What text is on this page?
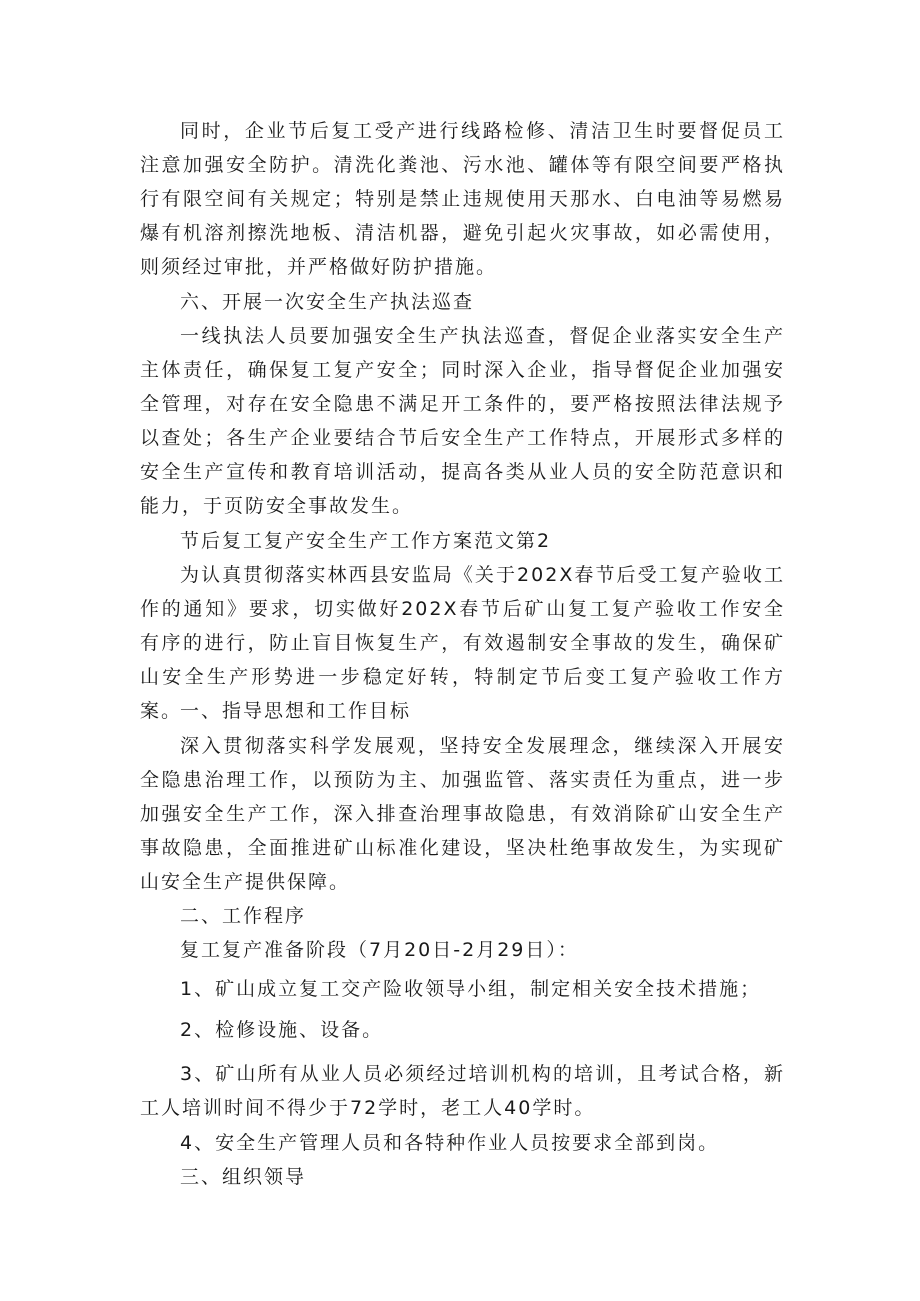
同时，企业节后复工受产进行线路检修、清洁卫生时要督促员工注意加强安全防护。清洗化粪池、污水池、罐体等有限空间要严格执行有限空间有关规定；特别是禁止违规使用天那水、白电油等易燃易爆有机溶剂擦洗地板、清洁机器，避免引起火灾事故，如必需使用，则须经过审批，并严格做好防护措施。

六、开展一次安全生产执法巡查

一线执法人员要加强安全生产执法巡查，督促企业落实安全生产主体责任，确保复工复产安全；同时深入企业，指导督促企业加强安全管理，对存在安全隐患不满足开工条件的，要严格按照法律法规予以查处；各生产企业要结合节后安全生产工作特点，开展形式多样的安全生产宣传和教育培训活动，提高各类从业人员的安全防范意识和能力，于页防安全事故发生。

节后复工复产安全生产工作方案范文第2

为认真贯彻落实林西县安监局《关于202X春节后受工复产验收工作的通知》要求，切实做好202X春节后矿山复工复产验收工作安全有序的进行，防止盲目恢复生产，有效遏制安全事故的发生，确保矿山安全生产形势进一步稳定好转，特制定节后变工复产验收工作方案。

一、指导思想和工作目标

深入贯彻落实科学发展观，坚持安全发展理念，继续深入开展安全隐患治理工作，以预防为主、加强监管、落实责任为重点，进一步加强安全生产工作，深入排查治理事故隐患，有效消除矿山安全生产事故隐患，全面推进矿山标准化建设，坚决杜绝事故发生，为实现矿山安全生产提供保障。

二、工作程序

复工复产准备阶段（7月20日-2月29日）：

1、矿山成立复工交产险收领导小组，制定相关安全技术措施；

2、检修设施、设备。

3、矿山所有从业人员必须经过培训机构的培训，且考试合格，新工人培训时间不得少于72学时，老工人40学时。

4、安全生产管理人员和各特种作业人员按要求全部到岗。

三、组织领导
